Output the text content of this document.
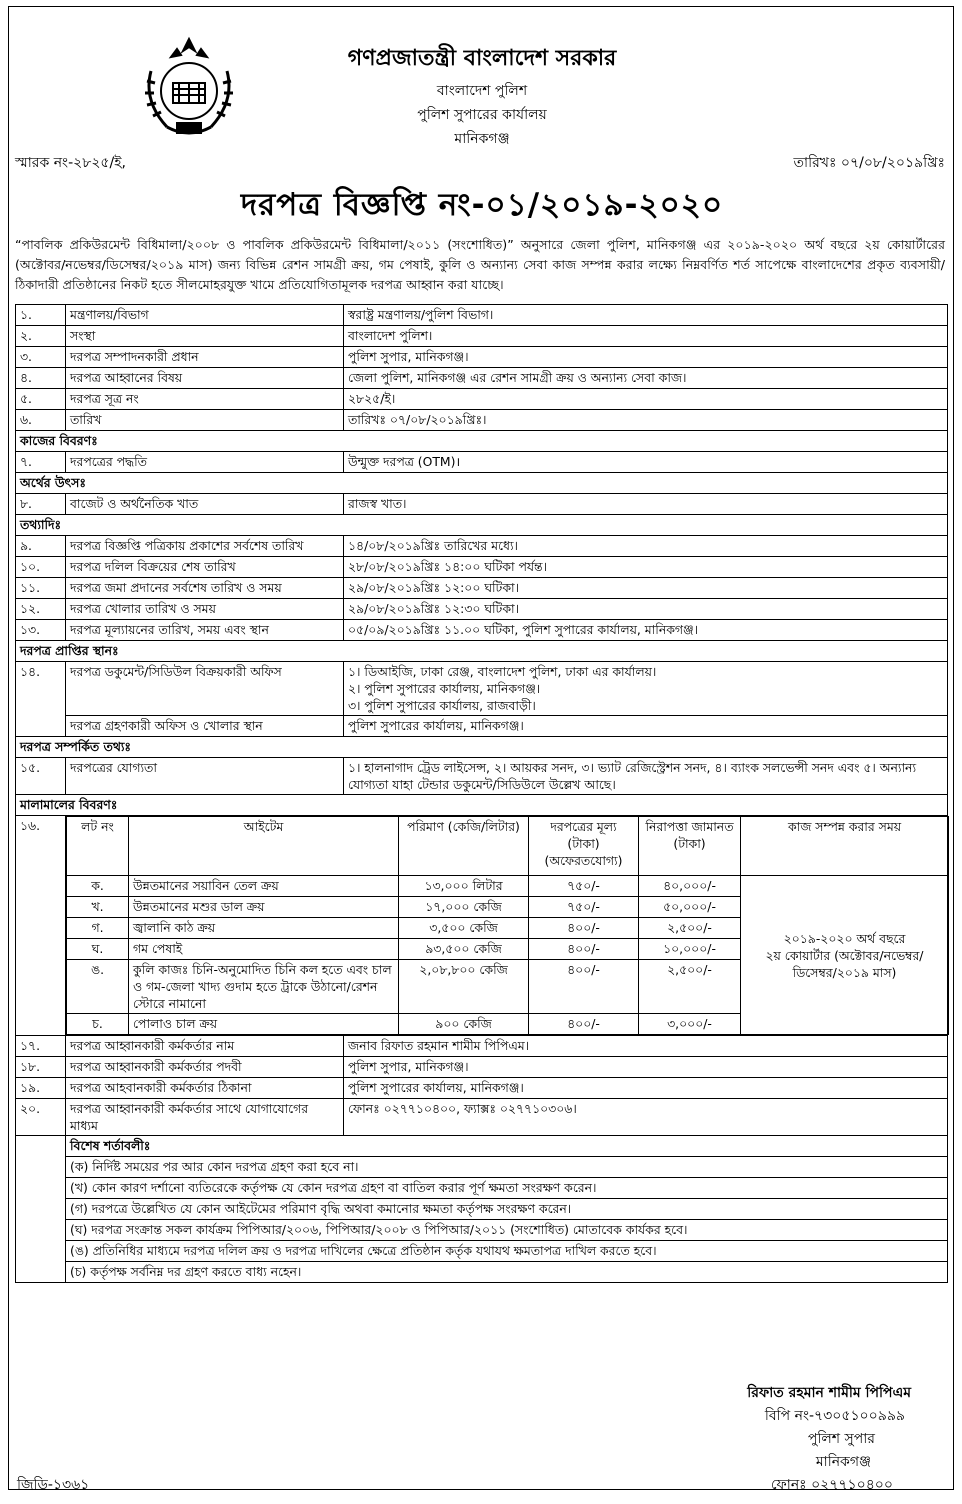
গণপ্রজাতন্ত্রী বাংলাদেশ সরকার
বাংলাদেশ পুলিশ
পুলিশ সুপারের কার্যালয়
মানিকগঞ্জ
স্মারক নং-২৮২৫/ই,	তারিখঃ ০৭/০৮/২০১৯খ্রিঃ
দরপত্র বিজ্ঞপ্তি নং-০১/২০১৯-২০২০
“পাবলিক প্রকিউরমেন্ট বিধিমালা/২০০৮ ও পাবলিক প্রকিউরমেন্ট বিধিমালা/২০১১ (সংশোধিত)” অনুসারে জেলা পুলিশ, মানিকগঞ্জ এর ২০১৯-২০২০ অর্থ বছরে ২য় কোয়ার্টারের (অক্টোবর/নভেম্বর/ডিসেম্বর/২০১৯ মাস) জন্য বিভিন্ন রেশন সামগ্রী ক্রয়, গম পেষাই, কুলি ও অন্যান্য সেবা কাজ সম্পন্ন করার লক্ষ্যে নিম্নবর্ণিত শর্ত সাপেক্ষে বাংলাদেশের প্রকৃত ব্যবসায়ী/ঠিকাদারী প্রতিষ্ঠানের নিকট হতে সীলমোহরযুক্ত খামে প্রতিযোগিতামূলক দরপত্র আহ্বান করা যাচ্ছে।
১.	মন্ত্রণালয়/বিভাগ	স্বরাষ্ট্র মন্ত্রণালয়/পুলিশ বিভাগ।
২.	সংস্থা	বাংলাদেশ পুলিশ।
৩.	দরপত্র সম্পাদনকারী প্রধান	পুলিশ সুপার, মানিকগঞ্জ।
৪.	দরপত্র আহ্বানের বিষয়	জেলা পুলিশ, মানিকগঞ্জ এর রেশন সামগ্রী ক্রয় ও অন্যান্য সেবা কাজ।
৫.	দরপত্র সূত্র নং	২৮২৫/ই।
৬.	তারিখ	তারিখঃ ০৭/০৮/২০১৯খ্রিঃ।
কাজের বিবরণঃ
৭.	দরপত্রের পদ্ধতি	উন্মুক্ত দরপত্র (OTM)।
অর্থের উৎসঃ
৮.	বাজেট ও অর্থনৈতিক খাত	রাজস্ব খাত।
তথ্যাদিঃ
৯.	দরপত্র বিজ্ঞপ্তি পত্রিকায় প্রকাশের সর্বশেষ তারিখ	১৪/০৮/২০১৯খ্রিঃ তারিখের মধ্যে।
১০.	দরপত্র দলিল বিক্রয়ের শেষ তারিখ	২৮/০৮/২০১৯খ্রিঃ ১৪:০০ ঘটিকা পর্যন্ত।
১১.	দরপত্র জমা প্রদানের সর্বশেষ তারিখ ও সময়	২৯/০৮/২০১৯খ্রিঃ ১২:০০ ঘটিকা।
১২.	দরপত্র খোলার তারিখ ও সময়	২৯/০৮/২০১৯খ্রিঃ ১২:৩০ ঘটিকা।
১৩.	দরপত্র মূল্যায়নের তারিখ, সময় এবং স্থান	০৫/০৯/২০১৯খ্রিঃ ১১.০০ ঘটিকা, পুলিশ সুপারের কার্যালয়, মানিকগঞ্জ।
দরপত্র প্রাপ্তির স্থানঃ
১৪.	দরপত্র ডকুমেন্ট/সিডিউল বিক্রয়কারী অফিস	১। ডিআইজি, ঢাকা রেঞ্জ, বাংলাদেশ পুলিশ, ঢাকা এর কার্যালয়।
২। পুলিশ সুপারের কার্যালয়, মানিকগঞ্জ।
৩। পুলিশ সুপারের কার্যালয়, রাজবাড়ী।

	দরপত্র গ্রহণকারী অফিস ও খোলার স্থান	পুলিশ সুপারের কার্যালয়, মানিকগঞ্জ।
দরপত্র সম্পর্কিত তথ্যঃ
১৫.	দরপত্রের যোগ্যতা	১। হালনাগাদ ট্রেড লাইসেন্স, ২। আয়কর সনদ, ৩। ভ্যাট রেজিস্ট্রেশন সনদ, ৪। ব্যাংক সলভেন্সী সনদ এবং ৫। অন্যান্য যোগ্যতা যাহা টেন্ডার ডকুমেন্ট/সিডিউলে উল্লেখ আছে।
মালামালের বিবরণঃ
১৬.		লট নং	আইটেম	পরিমাণ (কেজি/লিটার)	দরপত্রের মূল্য (টাকা) (অফেরতযোগ্য)	নিরাপত্তা জামানত (টাকা)	কাজ সম্পন্ন করার সময়
ক.	উন্নতমানের সয়াবিন তেল ক্রয়	১৩,০০০ লিটার	৭৫০/-	৪০,০০০/-	
২০১৯-২০২০ অর্থ বছরে
২য় কোয়ার্টার (অক্টোবর/নভেম্বর/
ডিসেম্বর/২০১৯ মাস)

খ.	উন্নতমানের মশুর ডাল ক্রয়	১৭,০০০ কেজি	৭৫০/-	৫০,০০০/-
গ.	জ্বালানি কাঠ ক্রয়	৩,৫০০ কেজি	৪০০/-	২,৫০০/-
ঘ.	গম পেষাই	৯৩,৫০০ কেজি	৪০০/-	১০,০০০/-
ঙ.	কুলি কাজঃ চিনি-অনুমোদিত চিনি কল হতে এবং চাল ও গম-জেলা খাদ্য গুদাম হতে ট্রাকে উঠানো/রেশন স্টোরে নামানো	২,০৮,৮০০ কেজি	৪০০/-	২,৫০০/-
চ.	পোলাও চাল ক্রয়	৯০০ কেজি	৪০০/-	৩,০০০/-

১৭.	দরপত্র আহ্বানকারী কর্মকর্তার নাম	জনাব রিফাত রহমান শামীম পিপিএম।
১৮.	দরপত্র আহ্বানকারী কর্মকর্তার পদবী	পুলিশ সুপার, মানিকগঞ্জ।
১৯.	দরপত্র আহবানকারী কর্মকর্তার ঠিকানা	পুলিশ সুপারের কার্যালয়, মানিকগঞ্জ।
২০.	দরপত্র আহ্বানকারী কর্মকর্তার সাথে যোগাযোগের মাধ্যম	ফোনঃ ০২৭৭১০৪০০, ফ্যাক্সঃ ০২৭৭১০৩০৬।
	বিশেষ শর্তাবলীঃ
	(ক) নির্দিষ্ট সময়ের পর আর কোন দরপত্র গ্রহণ করা হবে না।
	(খ) কোন কারণ দর্শানো ব্যতিরেকে কর্তৃপক্ষ যে কোন দরপত্র গ্রহণ বা বাতিল করার পূর্ণ ক্ষমতা সংরক্ষণ করেন।
	(গ) দরপত্রে উল্লেখিত যে কোন আইটেমের পরিমাণ বৃদ্ধি অথবা কমানোর ক্ষমতা কর্তৃপক্ষ সংরক্ষণ করেন।
	(ঘ) দরপত্র সংক্রান্ত সকল কার্যক্রম পিপিআর/২০০৬, পিপিআর/২০০৮ ও পিপিআর/২০১১ (সংশোধিত) মোতাবেক কার্যকর হবে।
	(ঙ) প্রতিনিধির মাধ্যমে দরপত্র দলিল ক্রয় ও দরপত্র দাখিলের ক্ষেত্রে প্রতিষ্ঠান কর্তৃক যথাযথ ক্ষমতাপত্র দাখিল করতে হবে।
	(চ) কর্তৃপক্ষ সর্বনিম্ন দর গ্রহণ করতে বাধ্য নহেন।
রিফাত রহমান শামীম পিপিএম
বিপি নং-৭৩০৫১০০৯৯৯
পুলিশ সুপার
মানিকগঞ্জ
ফোনঃ ০২৭৭১০৪০০
জিডি-১৩৬১
